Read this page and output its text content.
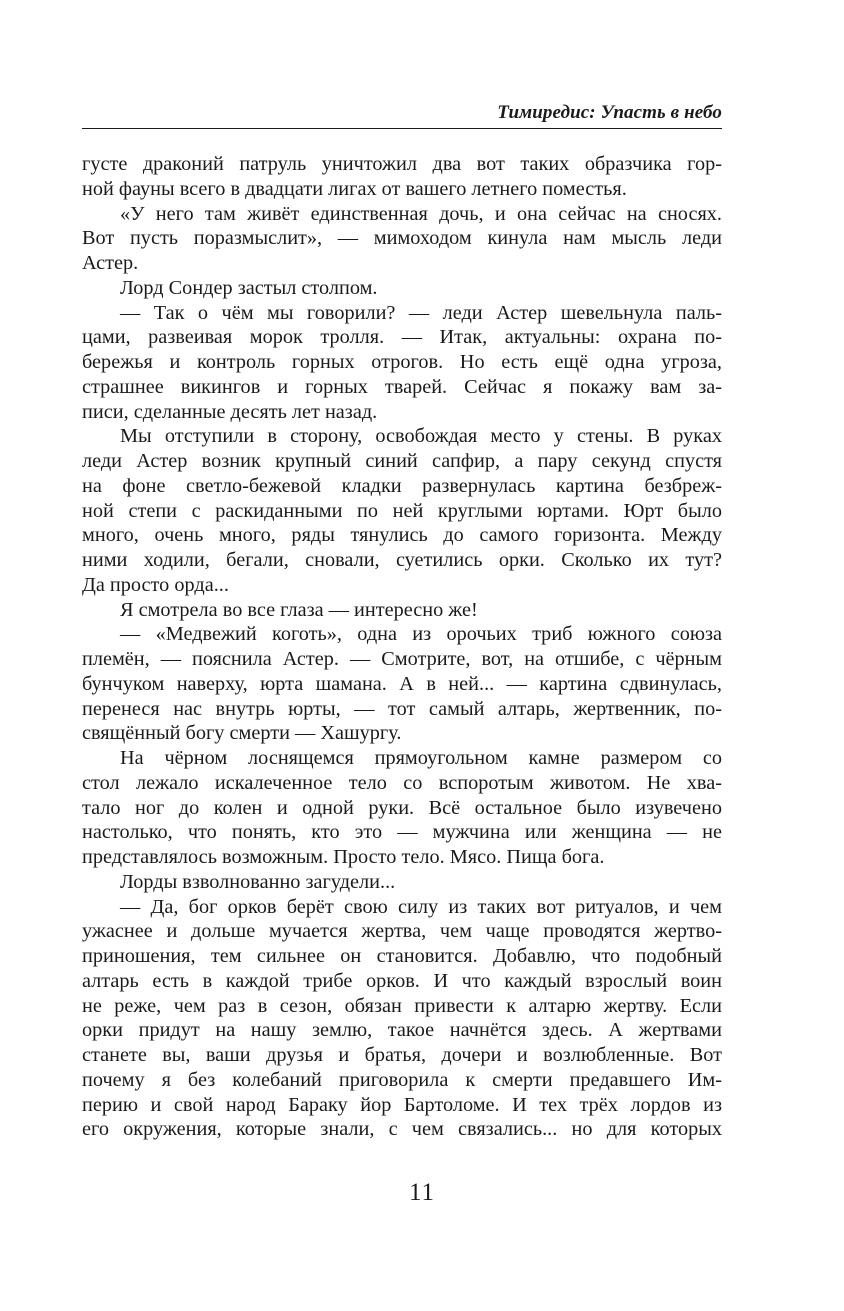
Тимиредис: Упасть в небо
густе драконий патруль уничтожил два вот таких образчика гор-
ной фауны всего в двадцати лигах от вашего летнего поместья.
«У него там живёт единственная дочь, и она сейчас на сносях.
Вот пусть поразмыслит», — мимоходом кинула нам мысль леди
Астер.
Лорд Сондер застыл столпом.
— Так о чём мы говорили? — леди Астер шевельнула паль-
цами, развеивая морок тролля. — Итак, актуальны: охрана по-
бережья и контроль горных отрогов. Но есть ещё одна угроза,
страшнее викингов и горных тварей. Сейчас я покажу вам за-
писи, сделанные десять лет назад.
Мы отступили в сторону, освобождая место у стены. В руках
леди Астер возник крупный синий сапфир, а пару секунд спустя
на фоне светло-бежевой кладки развернулась картина безбреж-
ной степи с раскиданными по ней круглыми юртами. Юрт было
много, очень много, ряды тянулись до самого горизонта. Между
ними ходили, бегали, сновали, суетились орки. Сколько их тут?
Да просто орда...
Я смотрела во все глаза — интересно же!
— «Медвежий коготь», одна из орочьих триб южного союза
племён, — пояснила Астер. — Смотрите, вот, на отшибе, с чёрным
бунчуком наверху, юрта шамана. А в ней... — картина сдвинулась,
перенеся нас внутрь юрты, — тот самый алтарь, жертвенник, по-
свящённый богу смерти — Хашургу.
На чёрном лоснящемся прямоугольном камне размером со
стол лежало искалеченное тело со вспоротым животом. Не хва-
тало ног до колен и одной руки. Всё остальное было изувечено
настолько, что понять, кто это — мужчина или женщина — не
представлялось возможным. Просто тело. Мясо. Пища бога.
Лорды взволнованно загудели...
— Да, бог орков берёт свою силу из таких вот ритуалов, и чем
ужаснее и дольше мучается жертва, чем чаще проводятся жертво-
приношения, тем сильнее он становится. Добавлю, что подобный
алтарь есть в каждой трибе орков. И что каждый взрослый воин
не реже, чем раз в сезон, обязан привести к алтарю жертву. Если
орки придут на нашу землю, такое начнётся здесь. А жертвами
станете вы, ваши друзья и братья, дочери и возлюбленные. Вот
почему я без колебаний приговорила к смерти предавшего Им-
перию и свой народ Бараку йор Бартоломе. И тех трёх лордов из
его окружения, которые знали, с чем связались... но для которых
11
